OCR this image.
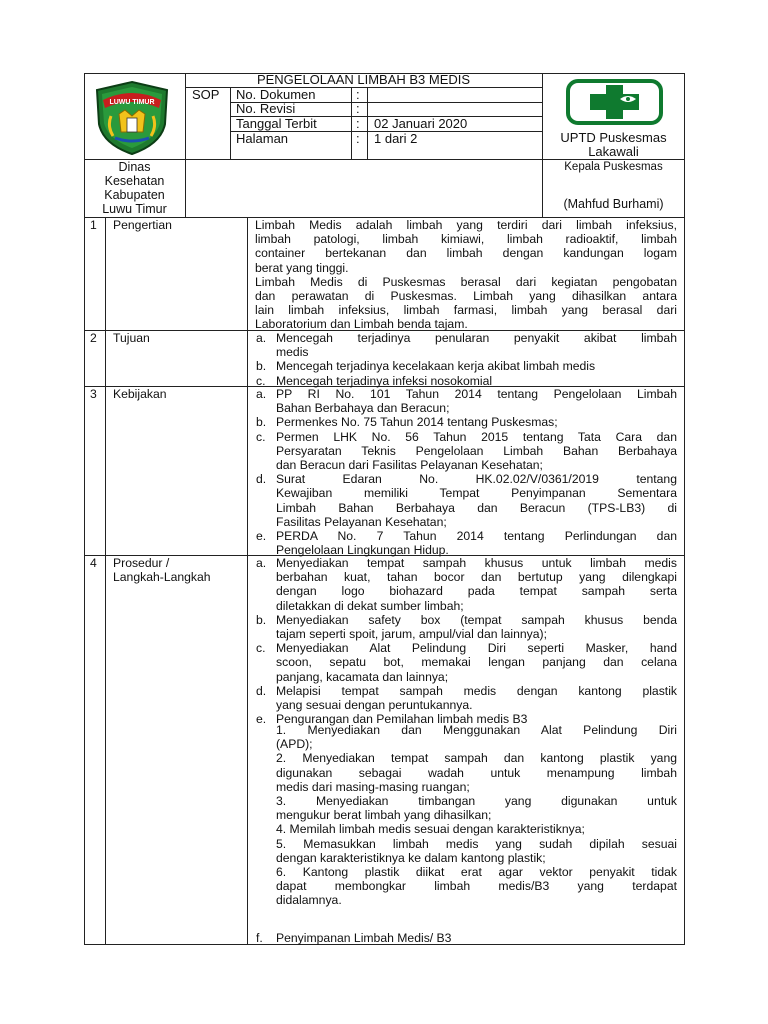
LUWU TIMUR
PENGELOLAAN LIMBAH B3 MEDIS
SOP No. Dokumen	:
No. Revisi	:
Tanggal Terbit	: 02 Januari 2020
Halaman	: 1 dari 2	UPTD Puskesmas
Lakawali
Dinas
Kesehatan
Kabupaten
Luwu Timur
Kepala Puskesmas
(Mahfud Burhami)
1 Pengertian	Limbah Medis adalah limbah yang terdiri dari limbah infeksius,
limbah patologi, limbah kimiawi, limbah radioaktif, limbah
container bertekanan dan limbah dengan kandungan logam
berat yang tinggi.
Limbah Medis di Puskesmas berasal dari kegiatan pengobatan
dan perawatan di Puskesmas. Limbah yang dihasilkan antara
lain limbah infeksius, limbah farmasi, limbah yang berasal dari
Laboratorium dan Limbah benda tajam.
2 Tujuan	a. Mencegah terjadinya penularan penyakit akibat limbah
medis
b. Mencegah terjadinya kecelakaan kerja akibat limbah medis
c. Mencegah terjadinya infeksi nosokomial
3 Kebijakan	a. PP RI No. 101 Tahun 2014 tentang Pengelolaan Limbah
Bahan Berbahaya dan Beracun;
b. Permenkes No. 75 Tahun 2014 tentang Puskesmas;
c. Permen LHK No. 56 Tahun 2015 tentang Tata Cara dan
Persyaratan Teknis Pengelolaan Limbah Bahan Berbahaya
dan Beracun dari Fasilitas Pelayanan Kesehatan;
d. Surat Edaran No. HK.02.02/V/0361/2019 tentang
Kewajiban memiliki Tempat Penyimpanan Sementara
Limbah Bahan Berbahaya dan Beracun (TPS-LB3) di
Fasilitas Pelayanan Kesehatan;
e. PERDA No. 7 Tahun 2014 tentang Perlindungan dan
Pengelolaan Lingkungan Hidup.
4 Prosedur /
Langkah-Langkah
a. Menyediakan tempat sampah khusus untuk limbah medis
berbahan kuat, tahan bocor dan bertutup yang dilengkapi
dengan logo biohazard pada tempat sampah serta
diletakkan di dekat sumber limbah;
b. Menyediakan safety box (tempat sampah khusus benda
tajam seperti spoit, jarum, ampul/vial dan lainnya);
c. Menyediakan Alat Pelindung Diri seperti Masker, hand
scoon, sepatu bot, memakai lengan panjang dan celana
panjang, kacamata dan lainnya;
d. Melapisi tempat sampah medis dengan kantong plastik
yang sesuai dengan peruntukannya.
e. Pengurangan dan Pemilahan limbah medis B3
1. Menyediakan dan Menggunakan Alat Pelindung Diri
(APD);
2. Menyediakan tempat sampah dan kantong plastik yang
digunakan sebagai wadah untuk menampung limbah
medis dari masing-masing ruangan;
3. Menyediakan timbangan yang digunakan untuk
mengukur berat limbah yang dihasilkan;
4. Memilah limbah medis sesuai dengan karakteristiknya;
5. Memasukkan limbah medis yang sudah dipilah sesuai
dengan karakteristiknya ke dalam kantong plastik;
6. Kantong plastik diikat erat agar vektor penyakit tidak
dapat membongkar limbah medis/B3 yang terdapat
didalamnya.
f. Penyimpanan Limbah Medis/ B3
